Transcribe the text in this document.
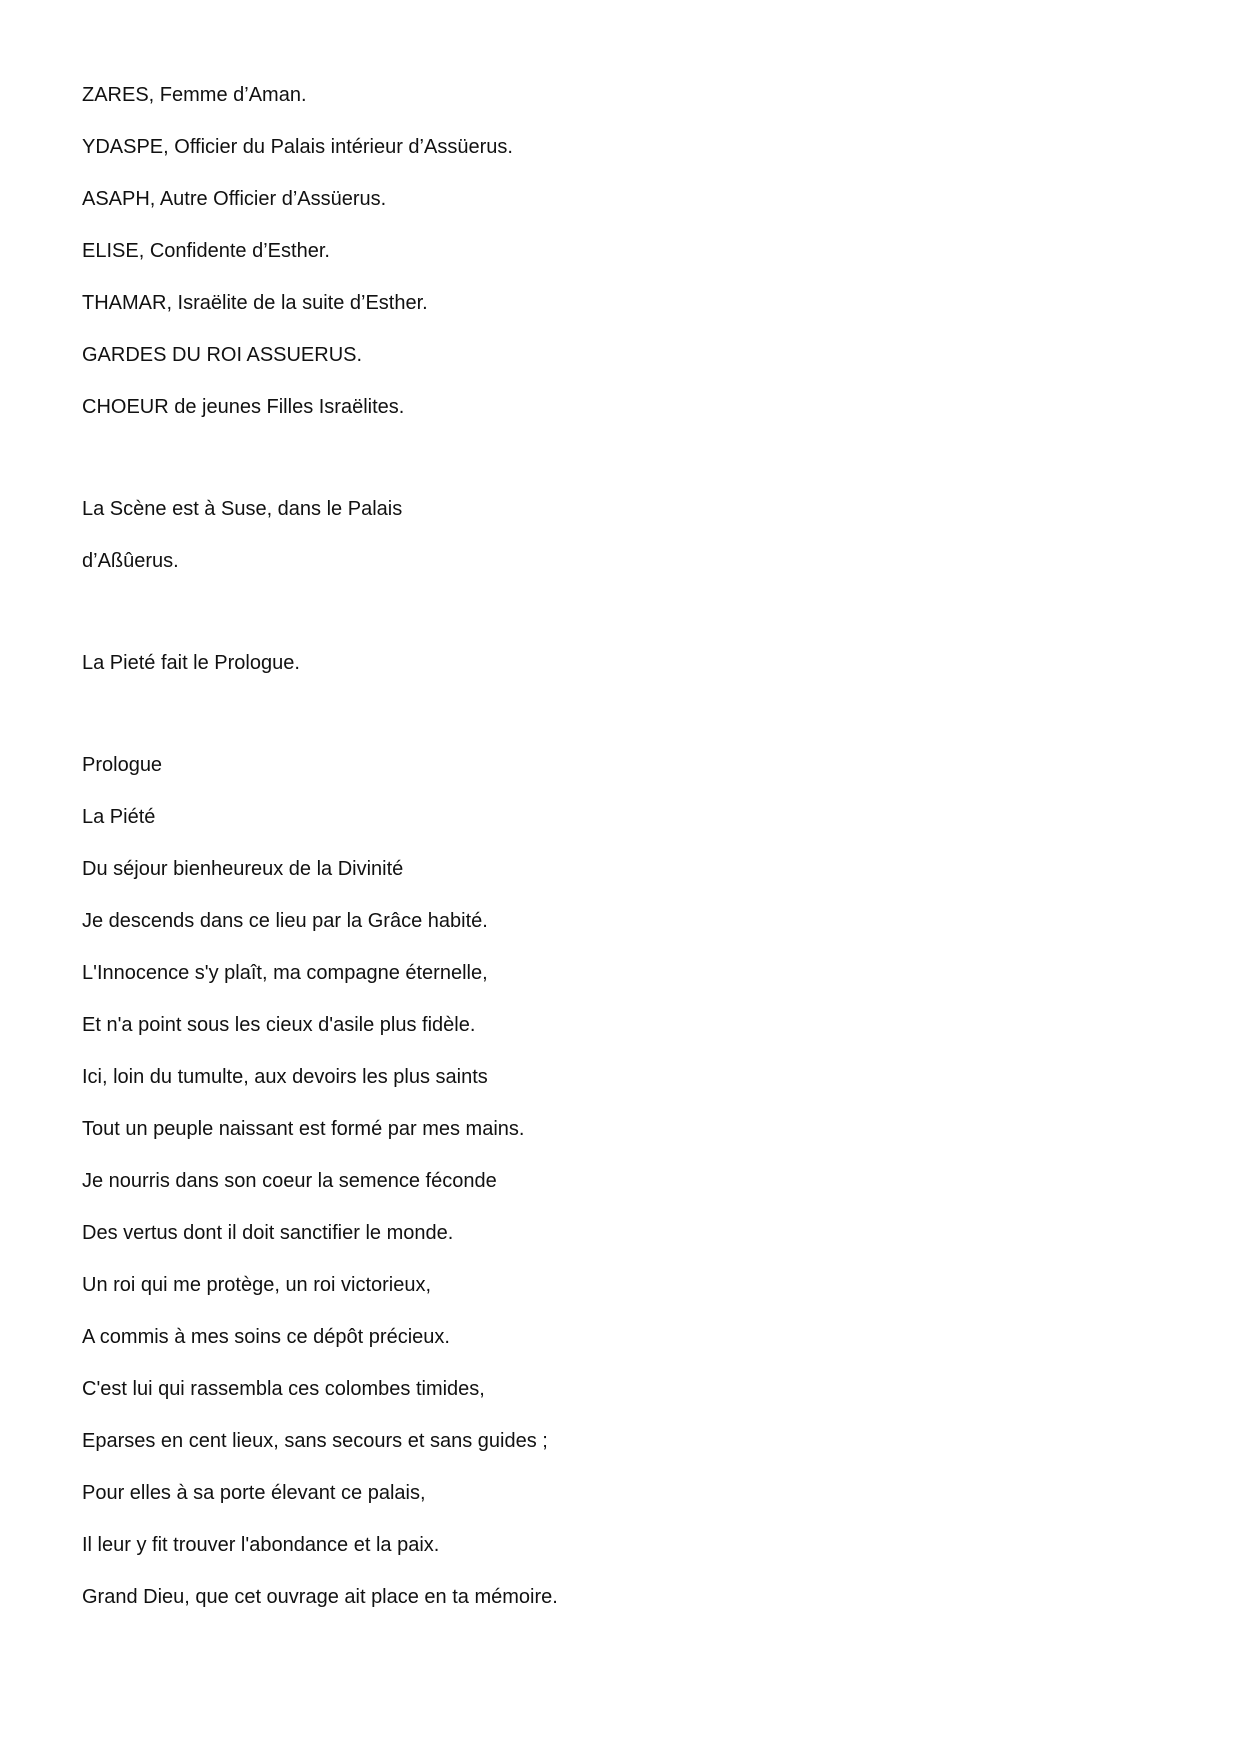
ZARES, Femme d’Aman.
YDASPE, Officier du Palais intérieur d’Assüerus.
ASAPH, Autre Officier d’Assüerus.
ELISE, Confidente d’Esther.
THAMAR, Israëlite de la suite d’Esther.
GARDES DU ROI ASSUERUS.
CHOEUR de jeunes Filles Israëlites.
La Scène est à Suse, dans le Palais
d’Aßûerus.
La Pieté fait le Prologue.
Prologue
La Piété
Du séjour bienheureux de la Divinité
Je descends dans ce lieu par la Grâce habité.
L'Innocence s'y plaît, ma compagne éternelle,
Et n'a point sous les cieux d'asile plus fidèle.
Ici, loin du tumulte, aux devoirs les plus saints
Tout un peuple naissant est formé par mes mains.
Je nourris dans son coeur la semence féconde
Des vertus dont il doit sanctifier le monde.
Un roi qui me protège, un roi victorieux,
A commis à mes soins ce dépôt précieux.
C'est lui qui rassembla ces colombes timides,
Eparses en cent lieux, sans secours et sans guides ;
Pour elles à sa porte élevant ce palais,
Il leur y fit trouver l'abondance et la paix.
Grand Dieu, que cet ouvrage ait place en ta mémoire.
